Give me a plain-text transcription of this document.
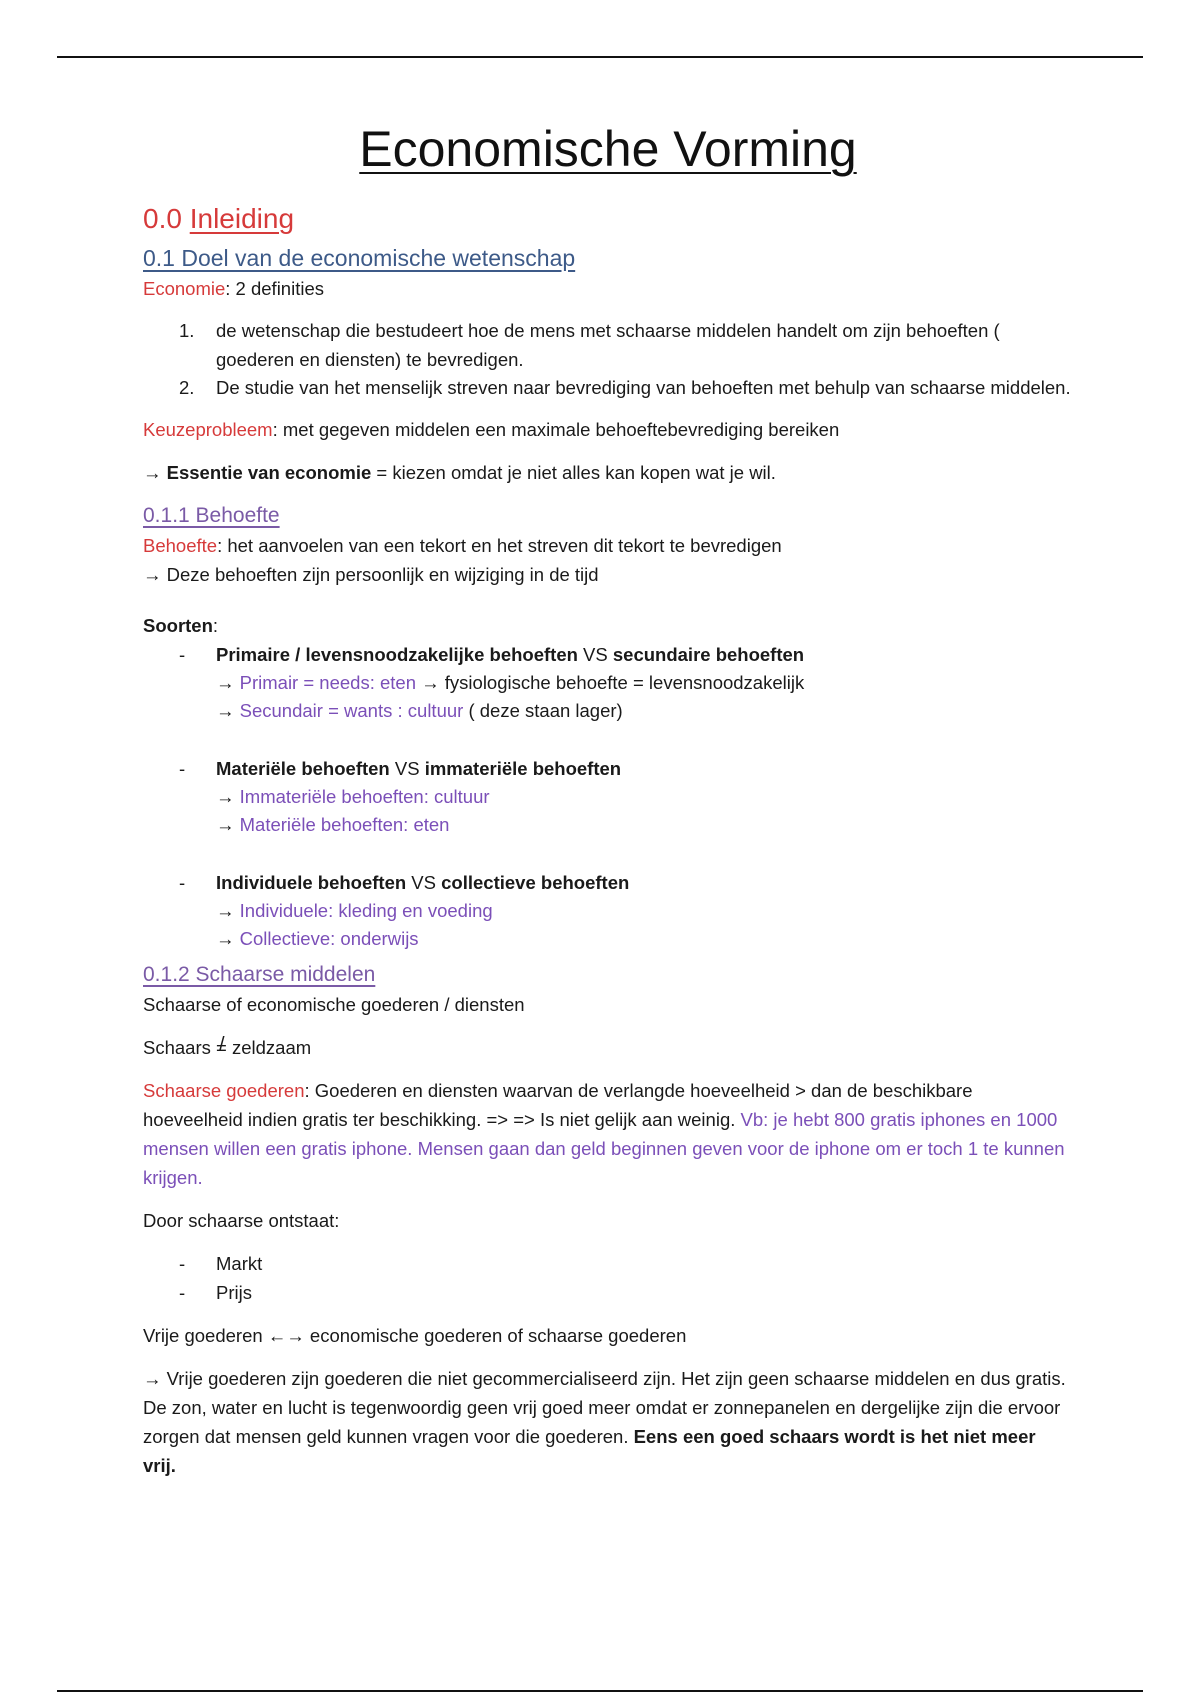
Economische Vorming
0.0 Inleiding
0.1 Doel van de economische wetenschap

Economie: 2 definities

1. de wetenschap die bestudeert hoe de mens met schaarse middelen handelt om zijn behoeften ( goederen en diensten) te bevredigen.
2. De studie van het menselijk streven naar bevrediging van behoeften met behulp van schaarse middelen.

Keuzeprobleem: met gegeven middelen een maximale behoeftebevrediging bereiken

→ Essentie van economie = kiezen omdat je niet alles kan kopen wat je wil.

0.1.1 Behoefte

Behoefte: het aanvoelen van een tekort en het streven dit tekort te bevredigen

→ Deze behoeften zijn persoonlijk en wijziging in de tijd

Soorten:

- Primaire / levensnoodzakelijke behoeften VS secundaire behoeften
→ Primair = needs: eten → fysiologische behoefte = levensnoodzakelijk
→ Secundair = wants : cultuur ( deze staan lager)
- Materiële behoeften VS immateriële behoeften
→ Immateriële behoeften: cultuur
→ Materiële behoeften: eten
- Individuele behoeften VS collectieve behoeften
→ Individuele: kleding en voeding
→ Collectieve: onderwijs
0.1.2 Schaarse middelen

Schaarse of economische goederen / diensten

Schaars = / zeldzaam

Schaarse goederen: Goederen en diensten waarvan de verlangde hoeveelheid > dan de beschikbare hoeveelheid indien gratis ter beschikking. => => Is niet gelijk aan weinig. Vb: je hebt 800 gratis iphones en 1000 mensen willen een gratis iphone. Mensen gaan dan geld beginnen geven voor de iphone om er toch 1 te kunnen krijgen.

Door schaarse ontstaat:

- Markt
- Prijs

Vrije goederen ←→ economische goederen of schaarse goederen

→ Vrije goederen zijn goederen die niet gecommercialiseerd zijn. Het zijn geen schaarse middelen en dus gratis. De zon, water en lucht is tegenwoordig geen vrij goed meer omdat er zonnepanelen en dergelijke zijn die ervoor zorgen dat mensen geld kunnen vragen voor die goederen. Eens een goed schaars wordt is het niet meer vrij.
